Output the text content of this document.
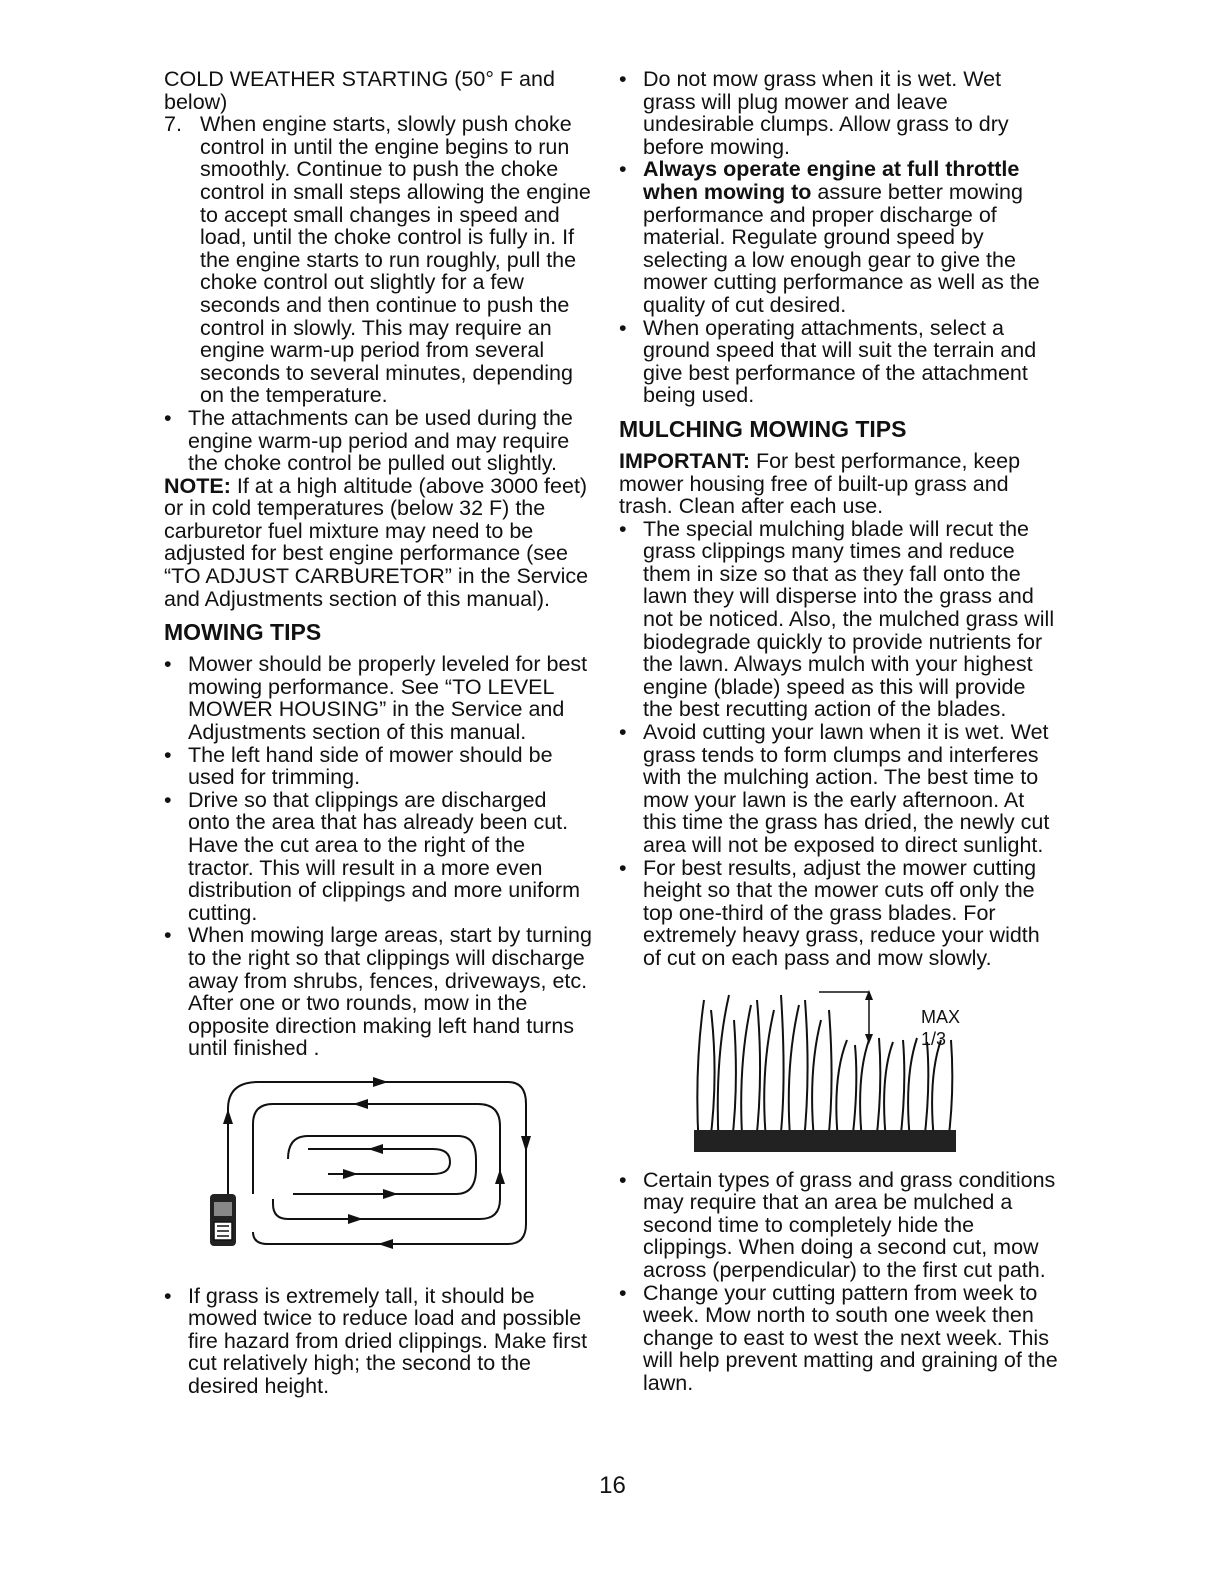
COLD WEATHER STARTING (50° F and below)

7. When engine starts, slowly push choke control in until the engine begins to run smoothly. Continue to push the choke control in small steps allowing the engine to accept small changes in speed and load, until the choke control is fully in. If the engine starts to run roughly, pull the choke control out slightly for a few seconds and then continue to push the control in slowly. This may require an engine warm-up period from several seconds to several minutes, depending on the temperature.
• The attachments can be used during the engine warm-up period and may require the choke control be pulled out slightly.

NOTE: If at a high altitude (above 3000 feet) or in cold temperatures (below 32 F) the carburetor fuel mixture may need to be adjusted for best engine performance (see “TO ADJUST CARBURETOR” in the Service and Adjustments section of this manual).

MOWING TIPS
• Mower should be properly leveled for best mowing performance. See “TO LEVEL MOWER HOUSING” in the Service and Adjustments section of this manual.
• The left hand side of mower should be used for trimming.
• Drive so that clippings are discharged onto the area that has already been cut. Have the cut area to the right of the tractor. This will result in a more even distribution of clippings and more uniform cutting.
• When mowing large areas, start by turning to the right so that clippings will discharge away from shrubs, fences, driveways, etc. After one or two rounds, mow in the opposite direction making left hand turns until finished .
• If grass is extremely tall, it should be mowed twice to reduce load and possible fire hazard from dried clippings. Make first cut relatively high; the second to the desired height.
• Do not mow grass when it is wet. Wet grass will plug mower and leave undesirable clumps. Allow grass to dry before mowing.
• Always operate engine at full throttle when mowing to assure better mowing performance and proper discharge of material. Regulate ground speed by selecting a low enough gear to give the mower cutting performance as well as the quality of cut desired.
• When operating attachments, select a ground speed that will suit the terrain and give best performance of the attachment being used.
MULCHING MOWING TIPS

IMPORTANT: For best performance, keep mower housing free of built-up grass and trash. Clean after each use.

• The special mulching blade will recut the grass clippings many times and reduce them in size so that as they fall onto the lawn they will disperse into the grass and not be noticed. Also, the mulched grass will biodegrade quickly to provide nutrients for the lawn. Always mulch with your highest engine (blade) speed as this will provide the best recutting action of the blades.
• Avoid cutting your lawn when it is wet. Wet grass tends to form clumps and interferes with the mulching action. The best time to mow your lawn is the early afternoon. At this time the grass has dried, the newly cut area will not be exposed to direct sunlight.
• For best results, adjust the mower cutting height so that the mower cuts off only the top one-third of the grass blades. For extremely heavy grass, reduce your width of cut on each pass and mow slowly.
MAX 1/3
• Certain types of grass and grass conditions may require that an area be mulched a second time to completely hide the clippings. When doing a second cut, mow across (perpendicular) to the first cut path.
• Change your cutting pattern from week to week. Mow north to south one week then change to east to west the next week. This will help prevent matting and graining of the lawn.
16
